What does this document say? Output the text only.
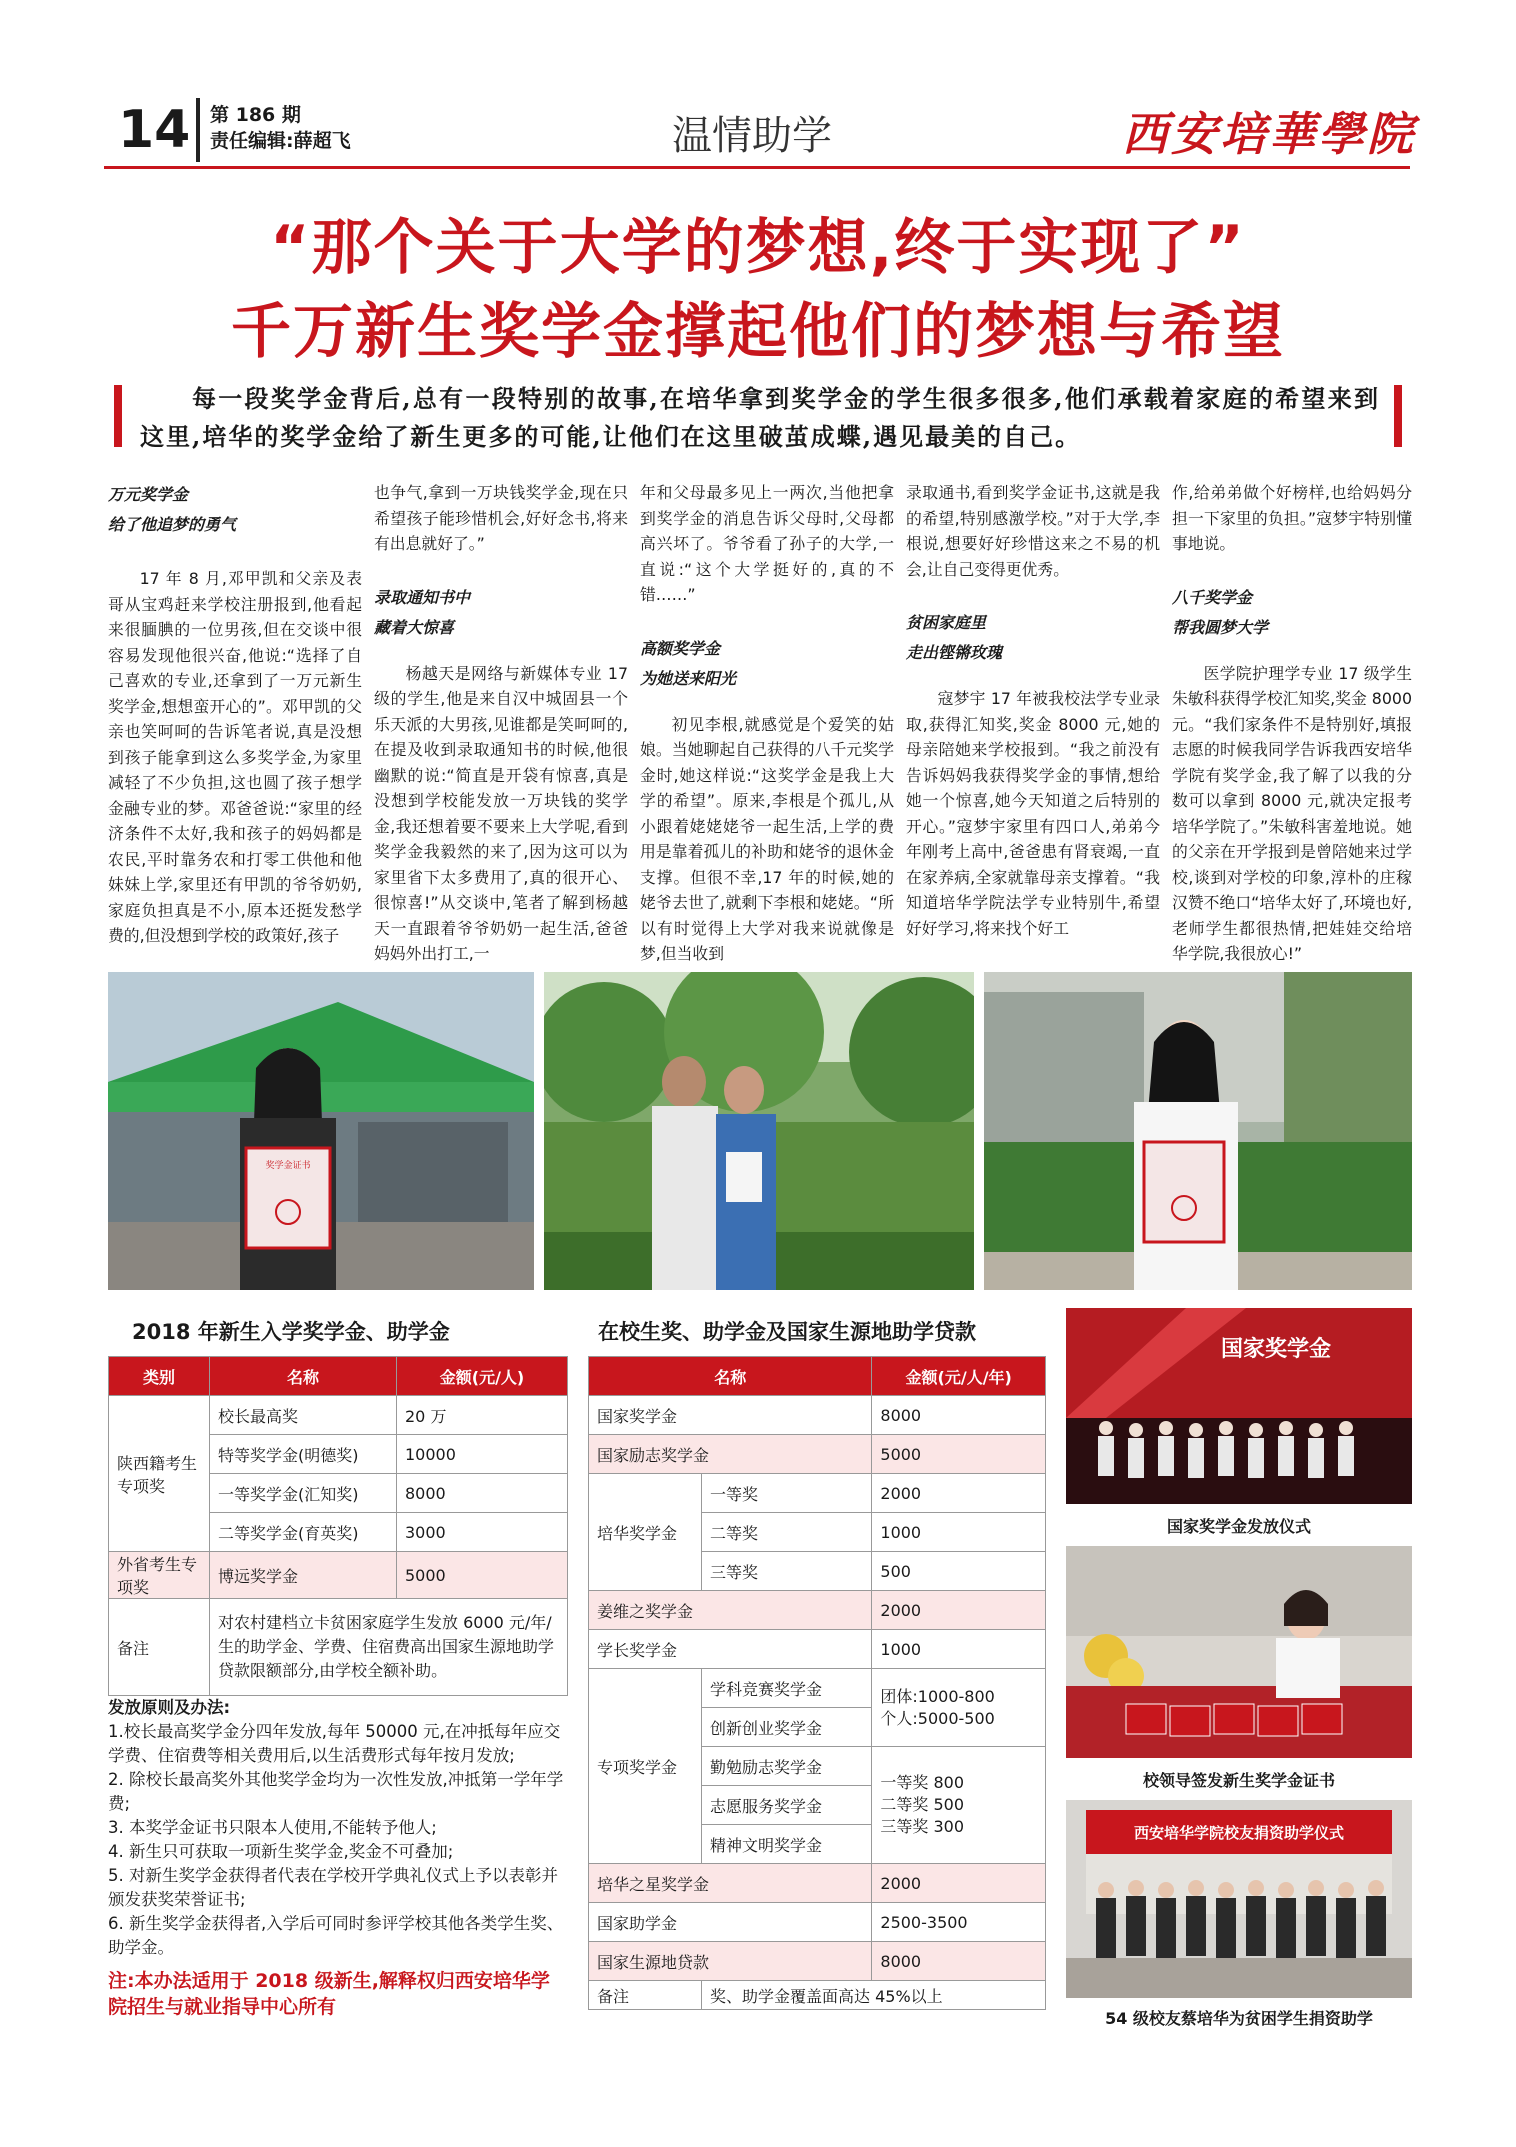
14 第 186 期
责任编辑:薛超飞	温情助学	西安培華學院
“那个关于大学的梦想,终于实现了”
千万新生奖学金撑起他们的梦想与希望
每一段奖学金背后,总有一段特别的故事,在培华拿到奖学金的学生很多很多,他们承载着家庭的希望来到这里,培华的奖学金给了新生更多的可能,让他们在这里破茧成蝶,遇见最美的自己。

万元奖学金
给了他追梦的勇气

17 年 8 月,邓甲凯和父亲及表哥从宝鸡赶来学校注册报到,他看起来很腼腆的一位男孩,但在交谈中很容易发现他很兴奋,他说:“选择了自己喜欢的专业,还拿到了一万元新生奖学金,想想蛮开心的”。邓甲凯的父亲也笑呵呵的告诉笔者说,真是没想到孩子能拿到这么多奖学金,为家里减轻了不少负担,这也圆了孩子想学金融专业的梦。邓爸爸说:“家里的经济条件不太好,我和孩子的妈妈都是农民,平时靠务农和打零工供他和他妹妹上学,家里还有甲凯的爷爷奶奶,家庭负担真是不小,原本还挺发愁学费的,但没想到学校的政策好,孩子

也争气,拿到一万块钱奖学金,现在只希望孩子能珍惜机会,好好念书,将来有出息就好了。”

录取通知书中
藏着大惊喜

杨越天是网络与新媒体专业 17 级的学生,他是来自汉中城固县一个乐天派的大男孩,见谁都是笑呵呵的,在提及收到录取通知书的时候,他很幽默的说:“简直是开袋有惊喜,真是没想到学校能发放一万块钱的奖学金,我还想着要不要来上大学呢,看到奖学金我毅然的来了,因为这可以为家里省下太多费用了,真的很开心、很惊喜!”从交谈中,笔者了解到杨越天一直跟着爷爷奶奶一起生活,爸爸妈妈外出打工,一

年和父母最多见上一两次,当他把拿到奖学金的消息告诉父母时,父母都高兴坏了。爷爷看了孙子的大学,一直说:“这个大学挺好的,真的不错……”

高额奖学金
为她送来阳光

初见李根,就感觉是个爱笑的姑娘。当她聊起自己获得的八千元奖学金时,她这样说:“这奖学金是我上大学的希望”。原来,李根是个孤儿,从小跟着姥姥姥爷一起生活,上学的费用是靠着孤儿的补助和姥爷的退休金支撑。但很不幸,17 年的时候,她的姥爷去世了,就剩下李根和姥姥。“所以有时觉得上大学对我来说就像是梦,但当收到

录取通书,看到奖学金证书,这就是我的希望,特别感激学校。”对于大学,李根说,想要好好珍惜这来之不易的机会,让自己变得更优秀。

贫困家庭里
走出铿锵玫瑰

寇梦宇 17 年被我校法学专业录取,获得汇知奖,奖金 8000 元,她的母亲陪她来学校报到。“我之前没有告诉妈妈我获得奖学金的事情,想给她一个惊喜,她今天知道之后特别的开心。”寇梦宇家里有四口人,弟弟今年刚考上高中,爸爸患有肾衰竭,一直在家养病,全家就靠母亲支撑着。“我知道培华学院法学专业特别牛,希望好好学习,将来找个好工

作,给弟弟做个好榜样,也给妈妈分担一下家里的负担。”寇梦宇特别懂事地说。

八千奖学金
帮我圆梦大学

医学院护理学专业 17 级学生朱敏科获得学校汇知奖,奖金 8000 元。“我们家条件不是特别好,填报志愿的时候我同学告诉我西安培华学院有奖学金,我了解了以我的分数可以拿到 8000 元,就决定报考培华学院了。”朱敏科害羞地说。她的父亲在开学报到是曾陪她来过学校,谈到对学校的印象,淳朴的庄稼汉赞不绝口“培华太好了,环境也好,老师学生都很热情,把娃娃交给培华学院,我很放心!”

奖学金证书
2018 年新生入学奖学金、助学金
类别	名称	金额(元/人)
陕西籍考生专项奖	校长最高奖	20 万
	特等奖学金(明德奖)	10000
	一等奖学金(汇知奖)	8000
	二等奖学金(育英奖)	3000
外省考生专项奖	博远奖学金	5000
备注	对农村建档立卡贫困家庭学生发放 6000 元/年/生的助学金、学费、住宿费高出国家生源地助学贷款限额部分,由学校全额补助。	

发放原则及办法:

1.校长最高奖学金分四年发放,每年 50000 元,在冲抵每年应交学费、住宿费等相关费用后,以生活费形式每年按月发放;

2. 除校长最高奖外其他奖学金均为一次性发放,冲抵第一学年学费;

3. 本奖学金证书只限本人使用,不能转予他人;

4. 新生只可获取一项新生奖学金,奖金不可叠加;

5. 对新生奖学金获得者代表在学校开学典礼仪式上予以表彰并颁发获奖荣誉证书;

6. 新生奖学金获得者,入学后可同时参评学校其他各类学生奖、助学金。

注:本办法适用于 2018 级新生,解释权归西安培华学院招生与就业指导中心所有
在校生奖、助学金及国家生源地助学贷款
名称		金额(元/人/年)
国家奖学金		8000
国家励志奖学金		5000
培华奖学金	一等奖	2000
	二等奖	1000
	三等奖	500
姜维之奖学金		2000
学长奖学金		1000
专项奖学金	学科竞赛奖学金	团体:1000-800
个人:5000-500
	创新创业奖学金	
	勤勉励志奖学金	一等奖 800
二等奖 500
三等奖 300
	志愿服务奖学金	
	精神文明奖学金	
培华之星奖学金		2000
国家助学金		2500-3500
国家生源地贷款		8000
备注	奖、助学金覆盖面高达 45%以上	
国家奖学金
国家奖学金发放仪式
校领导签发新生奖学金证书
西安培华学院校友捐资助学仪式
54 级校友蔡培华为贫困学生捐资助学
